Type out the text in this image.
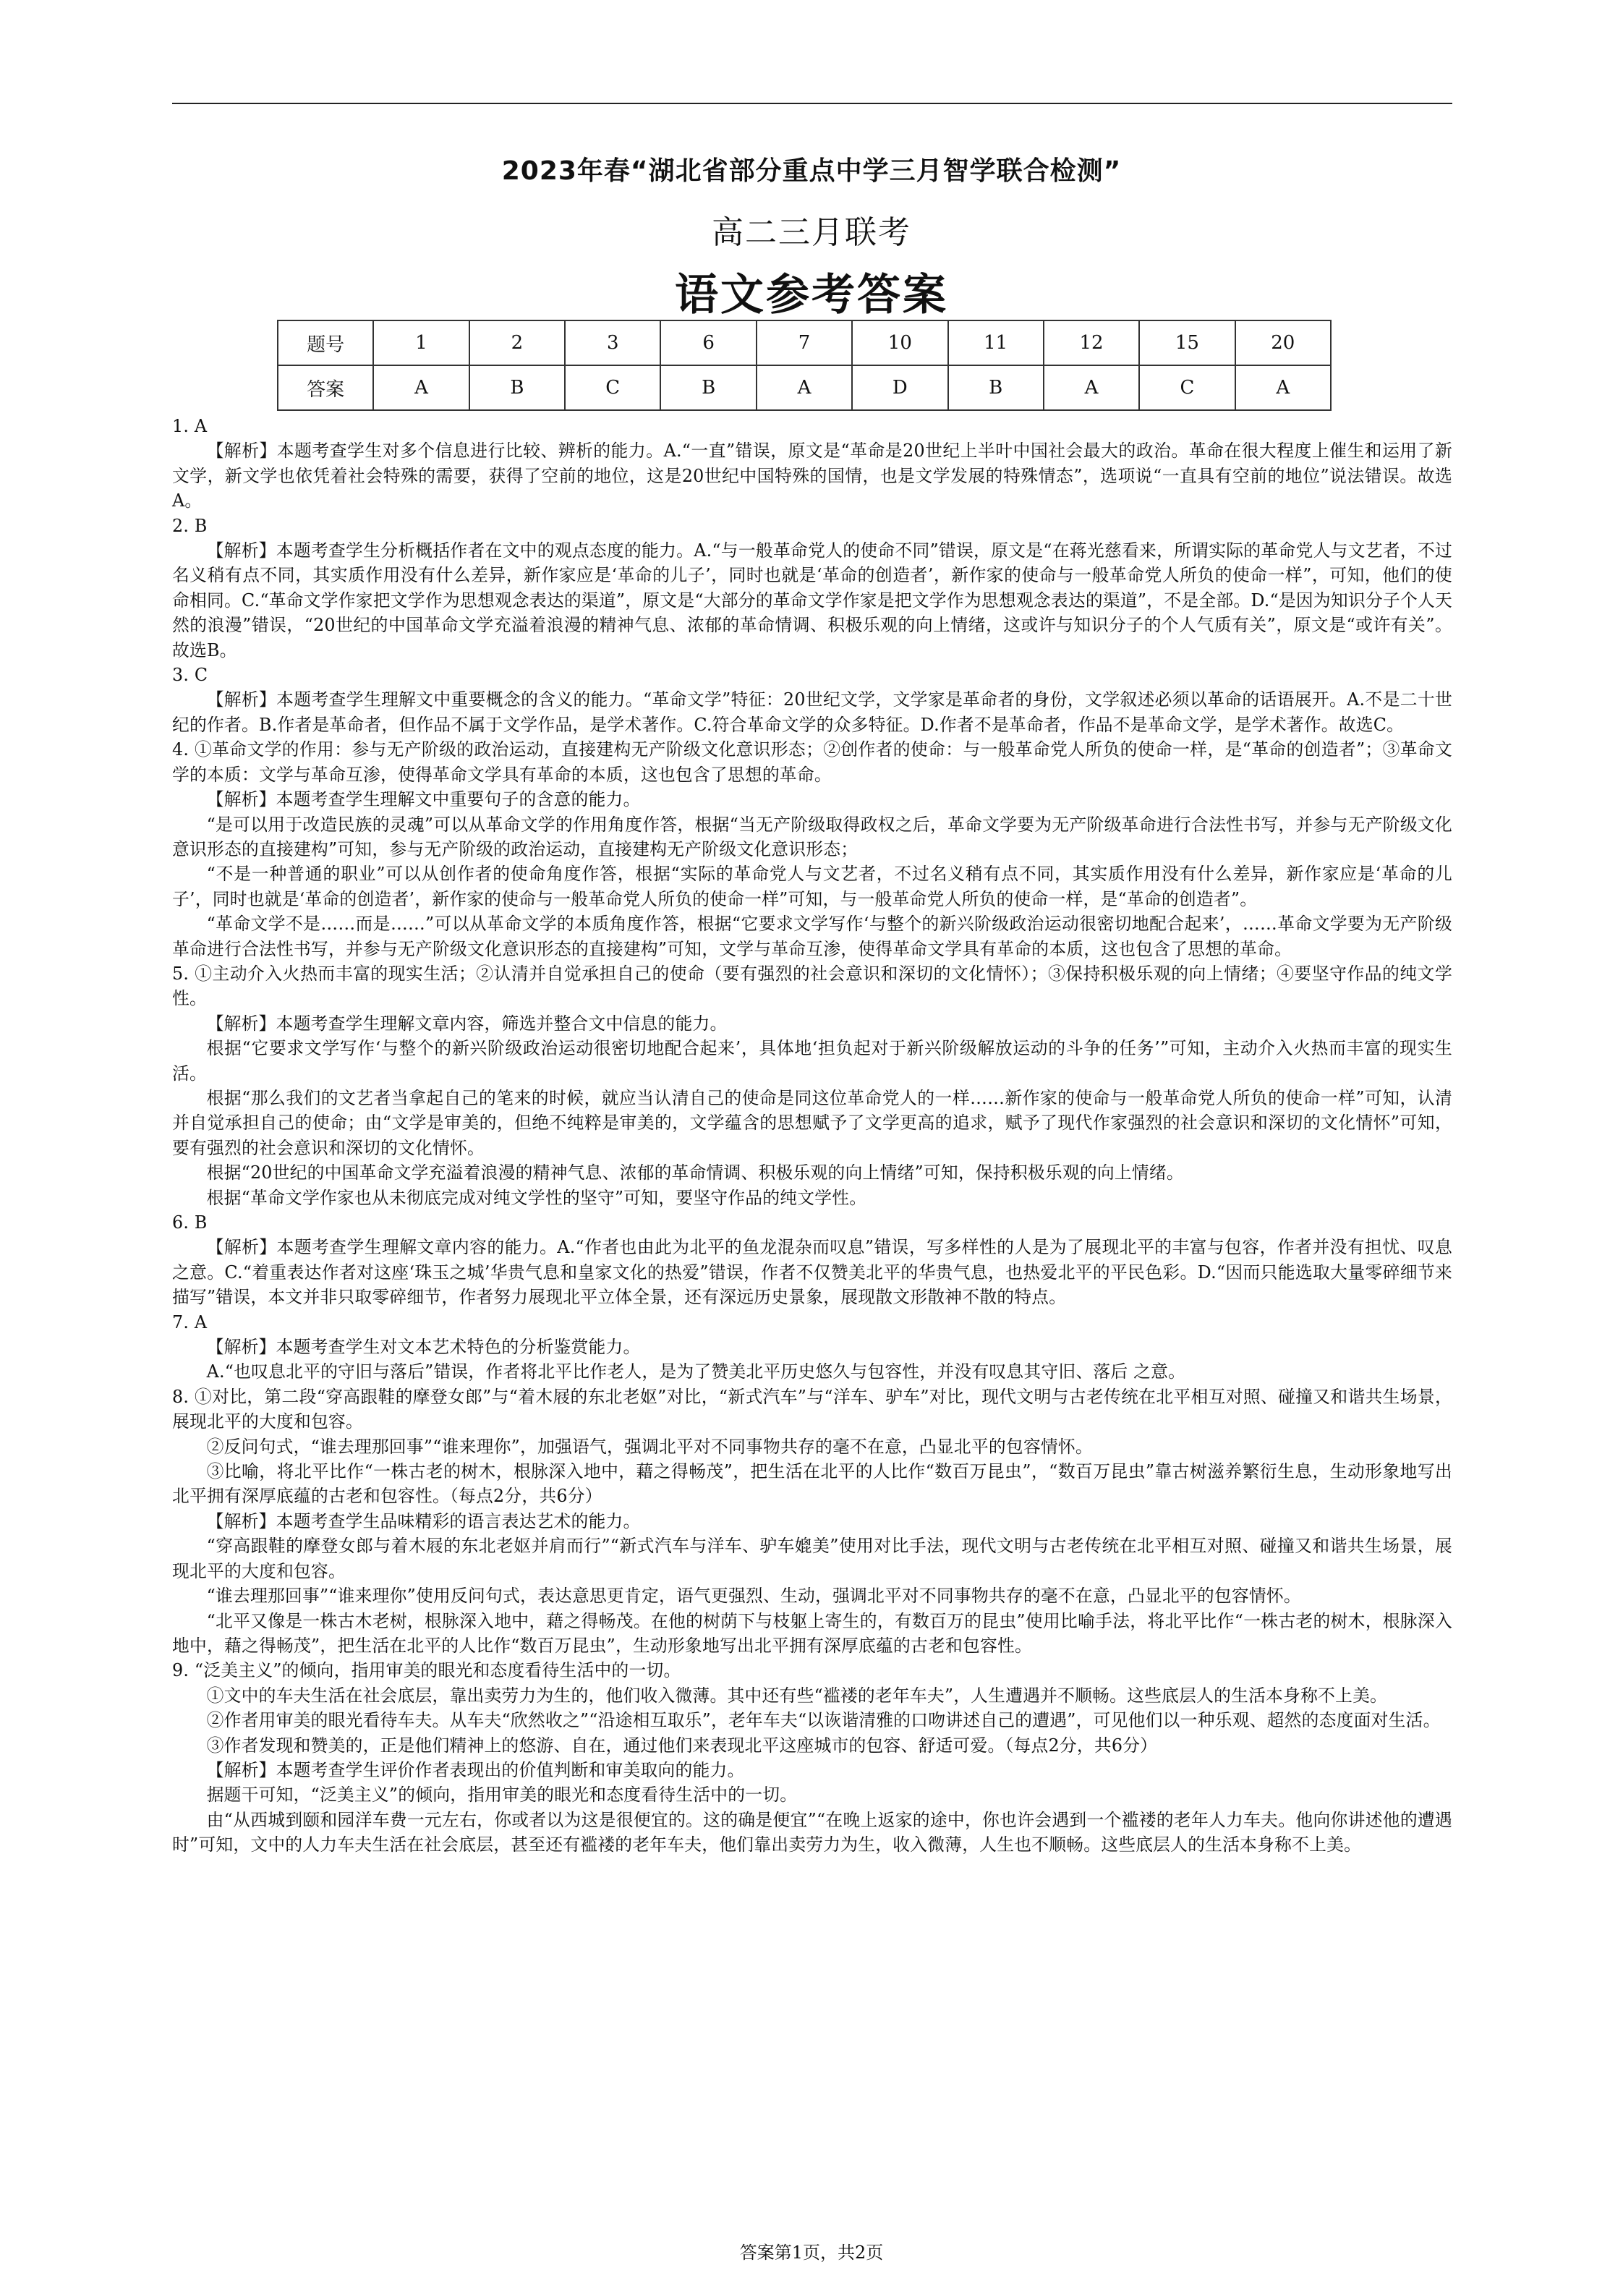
2023年春“湖北省部分重点中学三月智学联合检测”
高二三月联考
语文参考答案
题号	1	2	3	6	7	10	11	12	15	20
答案	A	B	C	B	A	D	B	A	C	A

1. A

【解析】本题考查学生对多个信息进行比较、辨析的能力。A.“一直”错误，原文是“革命是20世纪上半叶中国社会最大的政治。革命在很大程度上催生和运用了新文学，新文学也依凭着社会特殊的需要，获得了空前的地位，这是20世纪中国特殊的国情，也是文学发展的特殊情态”，选项说“一直具有空前的地位”说法错误。故选A。

2. B

【解析】本题考查学生分析概括作者在文中的观点态度的能力。A.“与一般革命党人的使命不同”错误，原文是“在蒋光慈看来，所谓实际的革命党人与文艺者，不过名义稍有点不同，其实质作用没有什么差异，新作家应是‘革命的儿子’，同时也就是‘革命的创造者’，新作家的使命与一般革命党人所负的使命一样”，可知，他们的使命相同。C.“革命文学作家把文学作为思想观念表达的渠道”，原文是“大部分的革命文学作家是把文学作为思想观念表达的渠道”，不是全部。D.“是因为知识分子个人天然的浪漫”错误，“20世纪的中国革命文学充溢着浪漫的精神气息、浓郁的革命情调、积极乐观的向上情绪，这或许与知识分子的个人气质有关”，原文是“或许有关”。故选B。

3. C

【解析】本题考查学生理解文中重要概念的含义的能力。“革命文学”特征：20世纪文学，文学家是革命者的身份，文学叙述必须以革命的话语展开。A.不是二十世纪的作者。B.作者是革命者，但作品不属于文学作品，是学术著作。C.符合革命文学的众多特征。D.作者不是革命者，作品不是革命文学，是学术著作。故选C。

4. ①革命文学的作用：参与无产阶级的政治运动，直接建构无产阶级文化意识形态；②创作者的使命：与一般革命党人所负的使命一样，是“革命的创造者”；③革命文学的本质：文学与革命互渗，使得革命文学具有革命的本质，这也包含了思想的革命。

【解析】本题考查学生理解文中重要句子的含意的能力。

“是可以用于改造民族的灵魂”可以从革命文学的作用角度作答，根据“当无产阶级取得政权之后，革命文学要为无产阶级革命进行合法性书写，并参与无产阶级文化意识形态的直接建构”可知，参与无产阶级的政治运动，直接建构无产阶级文化意识形态；

“不是一种普通的职业”可以从创作者的使命角度作答，根据“实际的革命党人与文艺者，不过名义稍有点不同，其实质作用没有什么差异，新作家应是‘革命的儿子’，同时也就是‘革命的创造者’，新作家的使命与一般革命党人所负的使命一样”可知，与一般革命党人所负的使命一样，是“革命的创造者”。

“革命文学不是……而是……”可以从革命文学的本质角度作答，根据“它要求文学写作‘与整个的新兴阶级政治运动很密切地配合起来’，……革命文学要为无产阶级革命进行合法性书写，并参与无产阶级文化意识形态的直接建构”可知，文学与革命互渗，使得革命文学具有革命的本质，这也包含了思想的革命。

5. ①主动介入火热而丰富的现实生活；②认清并自觉承担自己的使命（要有强烈的社会意识和深切的文化情怀）；③保持积极乐观的向上情绪；④要坚守作品的纯文学性。

【解析】本题考查学生理解文章内容，筛选并整合文中信息的能力。

根据“它要求文学写作‘与整个的新兴阶级政治运动很密切地配合起来’，具体地‘担负起对于新兴阶级解放运动的斗争的任务’”可知，主动介入火热而丰富的现实生活。

根据“那么我们的文艺者当拿起自己的笔来的时候，就应当认清自己的使命是同这位革命党人的一样……新作家的使命与一般革命党人所负的使命一样”可知，认清并自觉承担自己的使命；由“文学是审美的，但绝不纯粹是审美的，文学蕴含的思想赋予了文学更高的追求，赋予了现代作家强烈的社会意识和深切的文化情怀”可知，要有强烈的社会意识和深切的文化情怀。

根据“20世纪的中国革命文学充溢着浪漫的精神气息、浓郁的革命情调、积极乐观的向上情绪”可知，保持积极乐观的向上情绪。

根据“革命文学作家也从未彻底完成对纯文学性的坚守”可知，要坚守作品的纯文学性。

6. B

【解析】本题考查学生理解文章内容的能力。A.“作者也由此为北平的鱼龙混杂而叹息”错误，写多样性的人是为了展现北平的丰富与包容，作者并没有担忧、叹息之意。C.“着重表达作者对这座‘珠玉之城’华贵气息和皇家文化的热爱”错误，作者不仅赞美北平的华贵气息，也热爱北平的平民色彩。D.“因而只能选取大量零碎细节来描写”错误，本文并非只取零碎细节，作者努力展现北平立体全景，还有深远历史景象，展现散文形散神不散的特点。

7. A

【解析】本题考查学生对文本艺术特色的分析鉴赏能力。

A.“也叹息北平的守旧与落后”错误，作者将北平比作老人，是为了赞美北平历史悠久与包容性，并没有叹息其守旧、落后 之意。

8. ①对比，第二段“穿高跟鞋的摩登女郎”与“着木屐的东北老妪”对比，“新式汽车”与“洋车、驴车”对比，现代文明与古老传统在北平相互对照、碰撞又和谐共生场景，展现北平的大度和包容。

②反问句式，“谁去理那回事”“谁来理你”，加强语气，强调北平对不同事物共存的毫不在意，凸显北平的包容情怀。

③比喻，将北平比作“一株古老的树木，根脉深入地中，藉之得畅茂”，把生活在北平的人比作“数百万昆虫”，“数百万昆虫”靠古树滋养繁衍生息，生动形象地写出北平拥有深厚底蕴的古老和包容性。（每点2分，共6分）

【解析】本题考查学生品味精彩的语言表达艺术的能力。

“穿高跟鞋的摩登女郎与着木屐的东北老妪并肩而行”“新式汽车与洋车、驴车媲美”使用对比手法，现代文明与古老传统在北平相互对照、碰撞又和谐共生场景，展现北平的大度和包容。

“谁去理那回事”“谁来理你”使用反问句式，表达意思更肯定，语气更强烈、生动，强调北平对不同事物共存的毫不在意，凸显北平的包容情怀。

“北平又像是一株古木老树，根脉深入地中，藉之得畅茂。在他的树荫下与枝躯上寄生的，有数百万的昆虫”使用比喻手法，将北平比作“一株古老的树木，根脉深入地中，藉之得畅茂”，把生活在北平的人比作“数百万昆虫”，生动形象地写出北平拥有深厚底蕴的古老和包容性。

9. “泛美主义”的倾向，指用审美的眼光和态度看待生活中的一切。

①文中的车夫生活在社会底层，靠出卖劳力为生的，他们收入微薄。其中还有些“褴褛的老年车夫”，人生遭遇并不顺畅。这些底层人的生活本身称不上美。

②作者用审美的眼光看待车夫。从车夫“欣然收之”“沿途相互取乐”，老年车夫“以诙谐清雅的口吻讲述自己的遭遇”，可见他们以一种乐观、超然的态度面对生活。

③作者发现和赞美的，正是他们精神上的悠游、自在，通过他们来表现北平这座城市的包容、舒适可爱。（每点2分，共6分）

【解析】本题考查学生评价作者表现出的价值判断和审美取向的能力。

据题干可知，“泛美主义”的倾向，指用审美的眼光和态度看待生活中的一切。

由“从西城到颐和园洋车费一元左右，你或者以为这是很便宜的。这的确是便宜”“在晚上返家的途中，你也许会遇到一个褴褛的老年人力车夫。他向你讲述他的遭遇时”可知，文中的人力车夫生活在社会底层，甚至还有褴褛的老年车夫，他们靠出卖劳力为生，收入微薄，人生也不顺畅。这些底层人的生活本身称不上美。

答案第1页，共2页
